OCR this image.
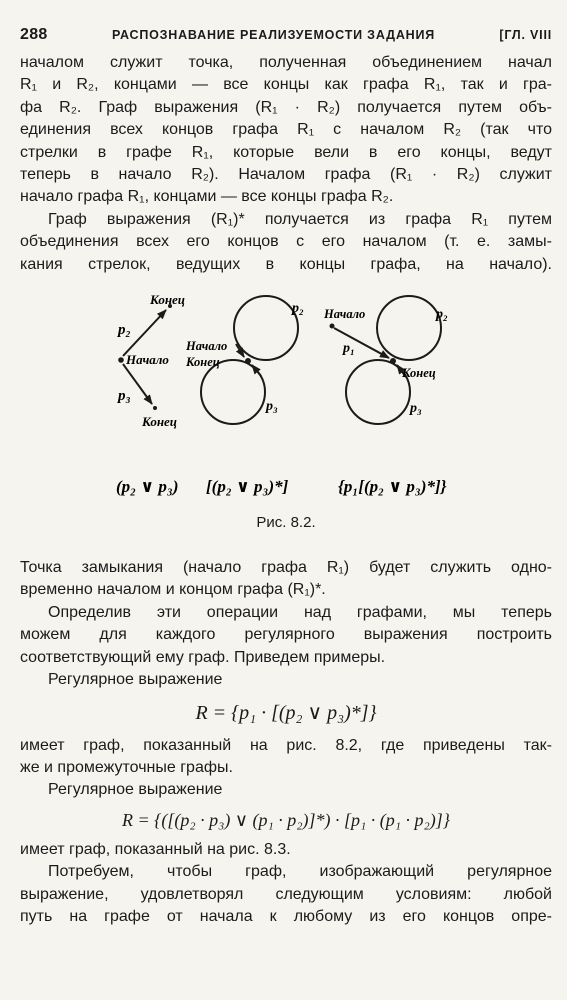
288	РАСПОЗНАВАНИЕ РЕАЛИЗУЕМОСТИ ЗАДАНИЯ	[ГЛ. VIII

началом служит точка, полученная объединением начал
R₁ и R₂, концами — все концы как графа R₁, так и гра-
фа R₂. Граф выражения (R₁ · R₂) получается путем объ-
единения всех концов графа R₁ с началом R₂ (так что
стрелки в графе R₁, которые вели в его концы, ведут
теперь в начало R₂). Началом графа (R₁ · R₂) служит
начало графа R₁, концами — все концы графа R₂.

Граф выражения (R₁)* получается из графа R₁ путем
объединения всех его концов с его началом (т. е. замы-
кания стрелок, ведущих в концы графа, на начало).

Конец
Начало
Конец
p₂
p₃
(p₂ ∨ p₃)
Начало
Конец
p₂
p₃
[(p₂ ∨ p₃)*]
Начало
Конец
p₁
p₂
p₃
{p₁[(p₂ ∨ p₃)*]}
Рис. 8.2.

Точка замыкания (начало графа R₁) будет служить одно-
временно началом и концом графа (R₁)*.

Определив эти операции над графами, мы теперь
можем для каждого регулярного выражения построить
соответствующий ему граф. Приведем примеры.

Регулярное выражение

R = {p₁ · [(p₂ ∨ p₃)*]}

имеет граф, показанный на рис. 8.2, где приведены так-
же и промежуточные графы.

Регулярное выражение

R = {([(p₂ · p₃) ∨ (p₁ · p₂)]*) · [p₁ · (p₁ · p₂)]}

имеет граф, показанный на рис. 8.3.

Потребуем, чтобы граф, изображающий регулярное
выражение, удовлетворял следующим условиям: любой
путь на графе от начала к любому из его концов опре-
